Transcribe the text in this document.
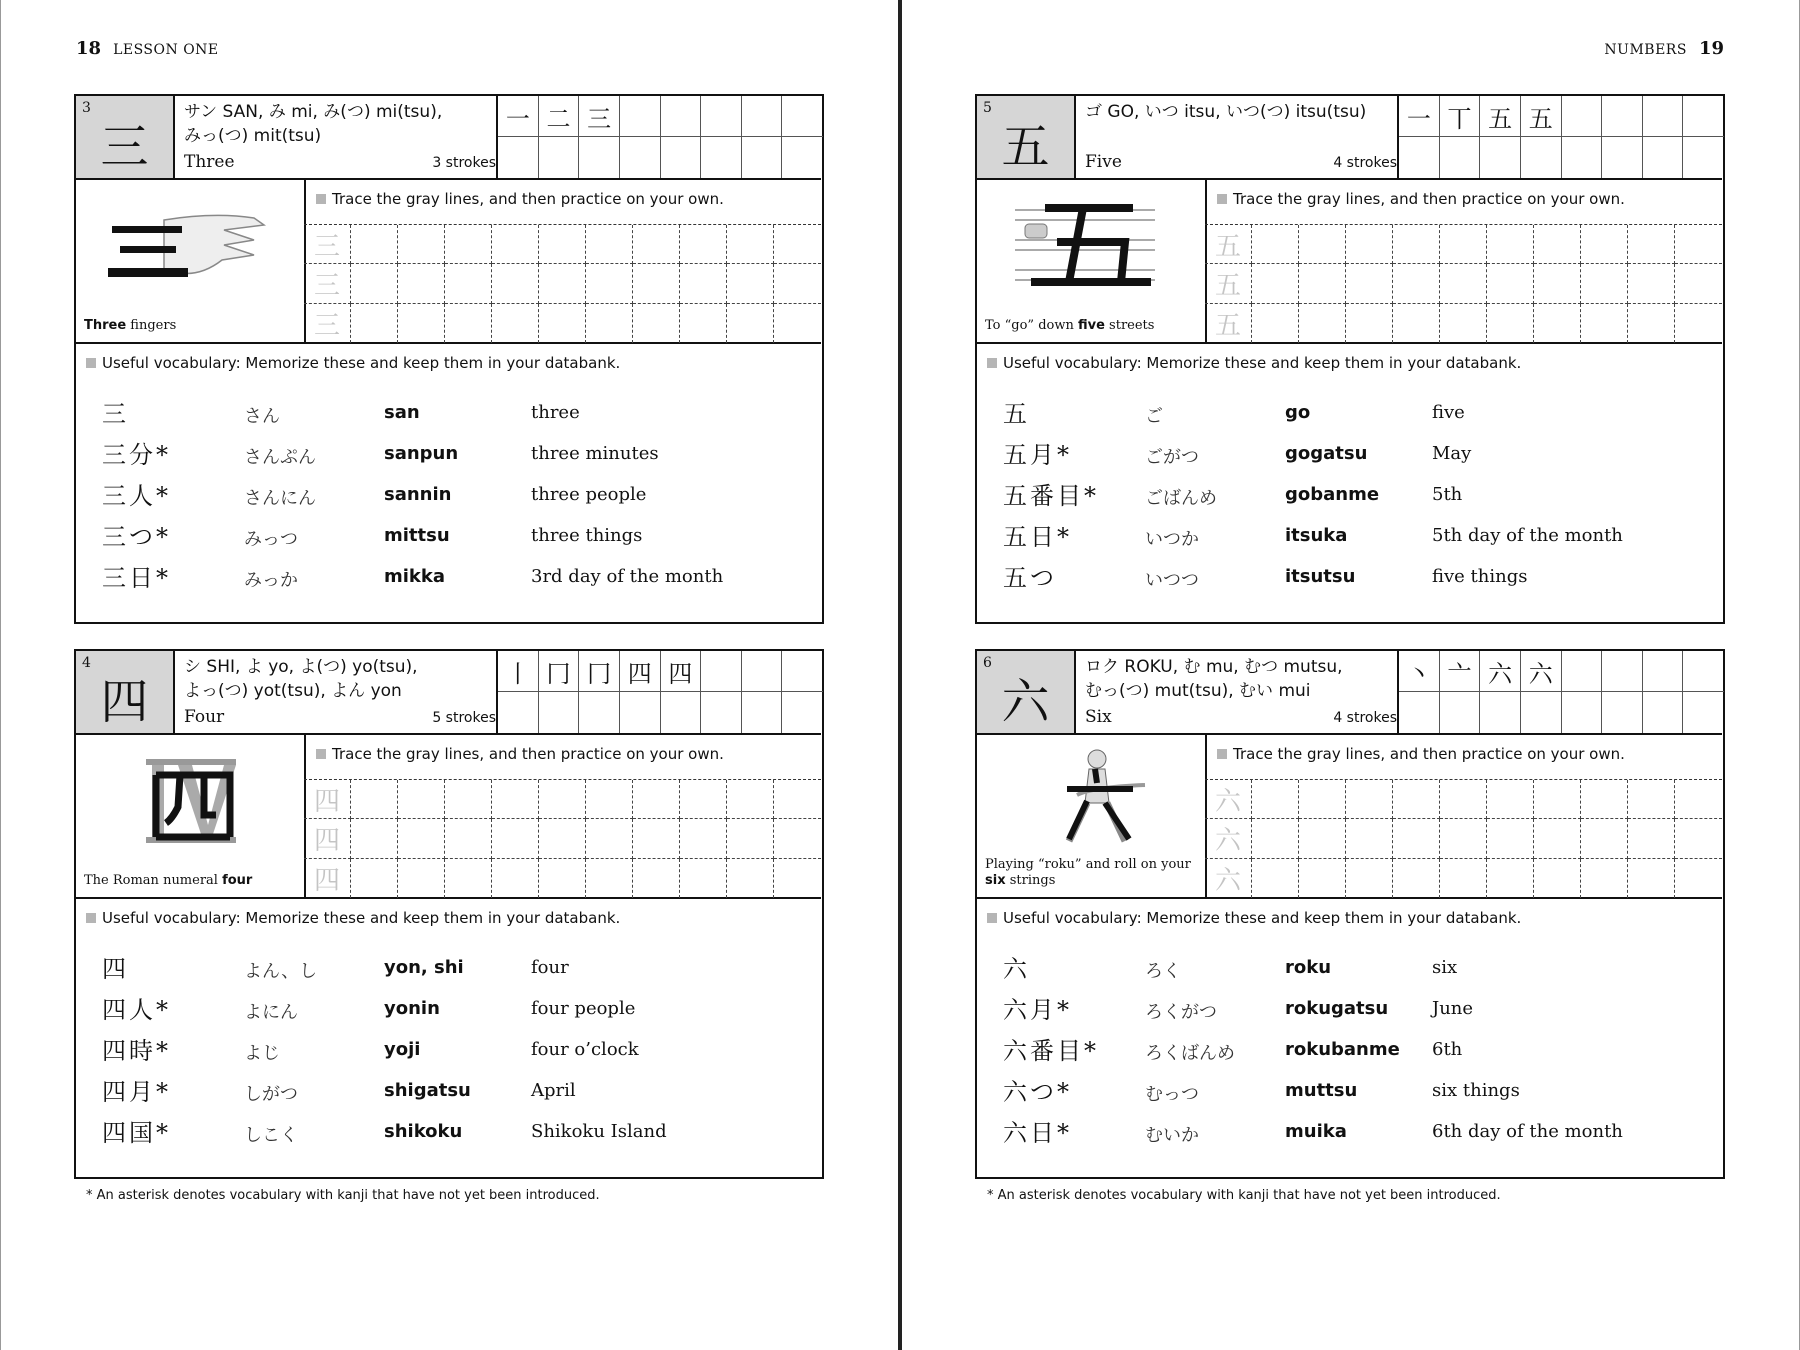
18 LESSON ONE
3
三
サン SAN, み mi, み(つ) mi(tsu),
みっ(つ) mit(tsu)
Three	3 strokes
一 二 三
Three fingers
Trace the gray lines, and then practice on your own.
三
三
三
Useful vocabulary: Memorize these and keep them in your databank.
三	さん	san	three
三分*	さんぷん	sanpun	three minutes
三人*	さんにん	sannin	three people
三つ*	みっつ	mittsu	three things
三日*	みっか	mikka	3rd day of the month
4
四
シ SHI, よ yo, よ(つ) yo(tsu),
よっ(つ) yot(tsu), よん yon
Four	5 strokes
丨 冂 冂 四 四
The Roman numeral four
Trace the gray lines, and then practice on your own.
四
四
四
Useful vocabulary: Memorize these and keep them in your databank.
四	よん、し	yon, shi	four
四人*	よにん	yonin	four people
四時*	よじ	yoji	four o’clock
四月*	しがつ	shigatsu	April
四国*	しこく	shikoku	Shikoku Island
* An asterisk denotes vocabulary with kanji that have not yet been introduced.
NUMBERS 19
5
五
ゴ GO, いつ itsu, いつ(つ) itsu(tsu)
Five	4 strokes
一 丅 五 五
To “go” down five streets
Trace the gray lines, and then practice on your own.
五
五
五
Useful vocabulary: Memorize these and keep them in your databank.
五	ご	go	five
五月*	ごがつ	gogatsu	May
五番目*	ごばんめ	gobanme	5th
五日*	いつか	itsuka	5th day of the month
五つ	いつつ	itsutsu	five things
6
六
ロク ROKU, む mu, むつ mutsu,
むっ(つ) mut(tsu), むい mui
Six	4 strokes
丶 亠 六 六
Playing “roku” and roll on your six strings
Trace the gray lines, and then practice on your own.
六
六
六
Useful vocabulary: Memorize these and keep them in your databank.
六	ろく	roku	six
六月*	ろくがつ	rokugatsu June
六番目*	ろくばんめ	rokubanme 6th
六つ*	むっつ	muttsu	six things
六日*	むいか	muika	6th day of the month
* An asterisk denotes vocabulary with kanji that have not yet been introduced.
